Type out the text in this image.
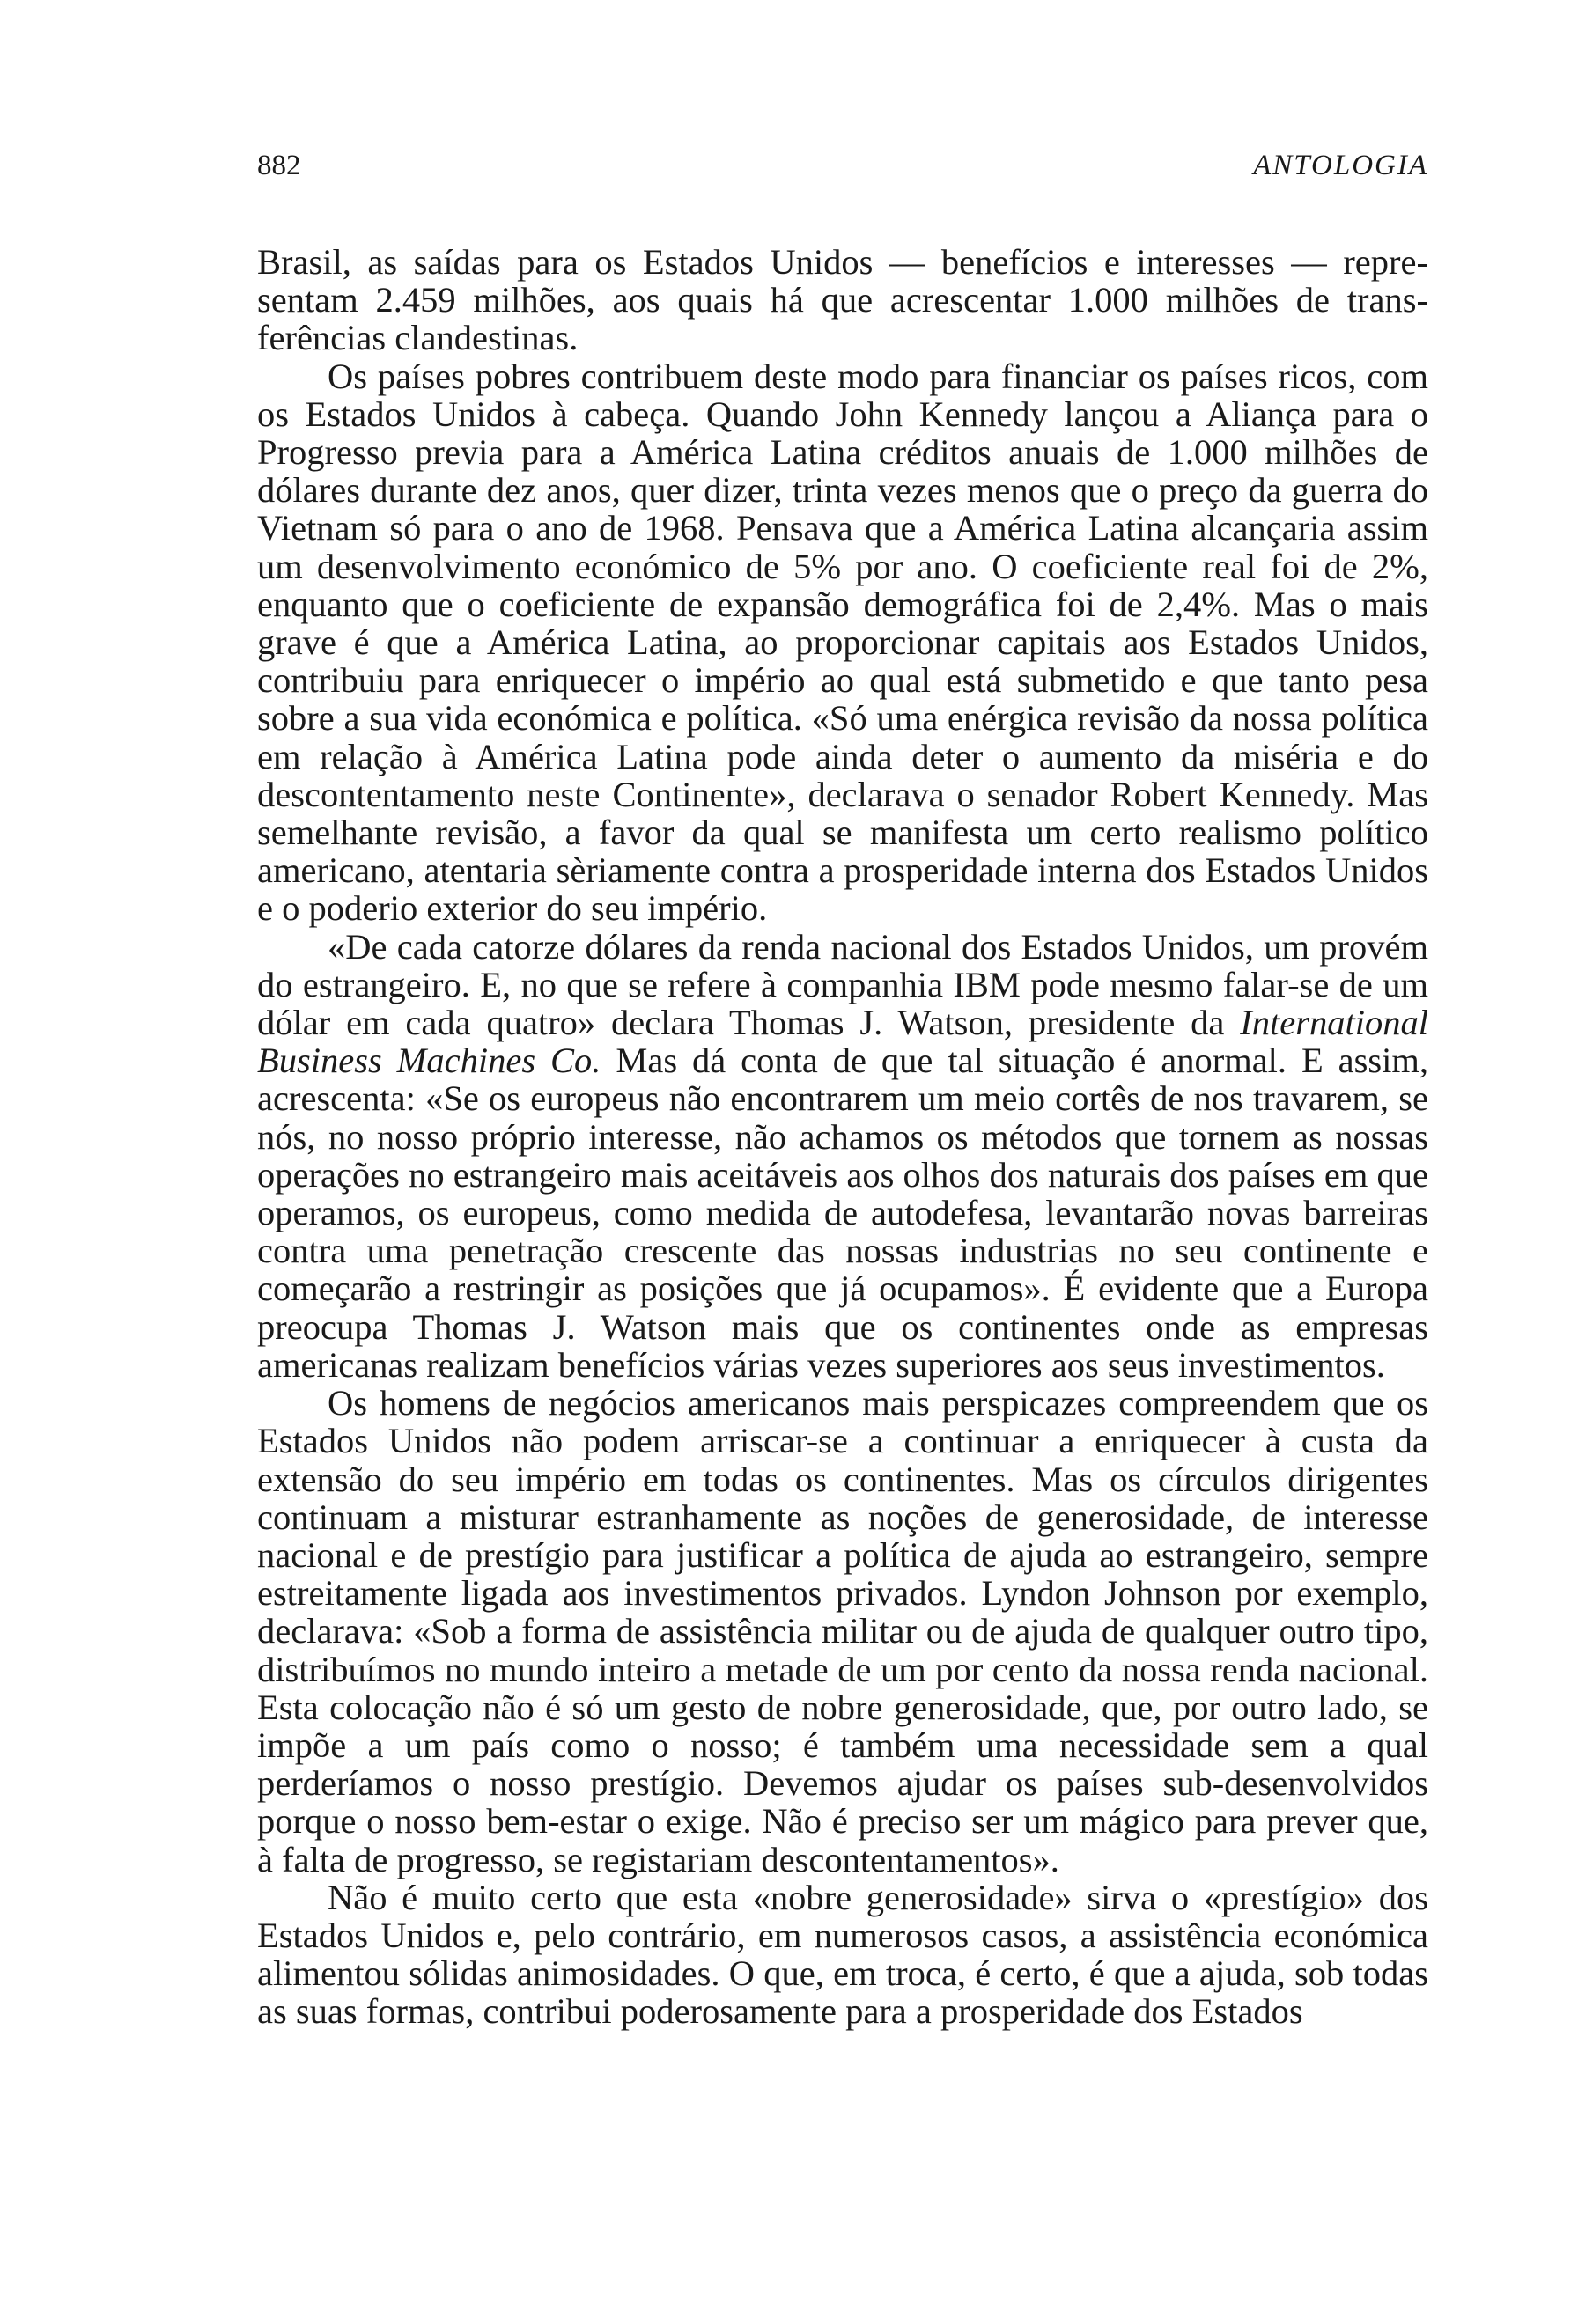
882	ANTOLOGIA

Brasil, as saídas para os Estados Unidos — benefícios e interesses — representam 2.459 milhões, aos quais há que acrescentar 1.000 milhões de transferências clandestinas.

Os países pobres contribuem deste modo para financiar os países ricos, com os Estados Unidos à cabeça. Quando John Kennedy lançou a Aliança para o Progresso previa para a América Latina créditos anuais de 1.000 milhões de dólares durante dez anos, quer dizer, trinta vezes menos que o preço da guerra do Vietnam só para o ano de 1968. Pensava que a América Latina alcançaria assim um desenvolvimento económico de 5% por ano. O coeficiente real foi de 2%, enquanto que o coeficiente de expansão demográfica foi de 2,4%. Mas o mais grave é que a América Latina, ao proporcionar capitais aos Estados Unidos, contribuiu para enriquecer o império ao qual está submetido e que tanto pesa sobre a sua vida económica e política. «Só uma enérgica revisão da nossa política em relação à América Latina pode ainda deter o aumento da miséria e do descontentamento neste Continente», declarava o senador Robert Kennedy. Mas semelhante revisão, a favor da qual se manifesta um certo realismo político americano, atentaria sèriamente contra a prosperidade interna dos Estados Unidos e o poderio exterior do seu império.

«De cada catorze dólares da renda nacional dos Estados Unidos, um provém do estrangeiro. E, no que se refere à companhia IBM pode mesmo falar-se de um dólar em cada quatro» declara Thomas J. Watson, presidente da International Business Machines Co. Mas dá conta de que tal situação é anormal. E assim, acrescenta: «Se os europeus não encontrarem um meio cortês de nos travarem, se nós, no nosso próprio interesse, não achamos os métodos que tornem as nossas operações no estrangeiro mais aceitáveis aos olhos dos naturais dos países em que operamos, os europeus, como medida de autodefesa, levantarão novas barreiras contra uma penetração crescente das nossas industrias no seu continente e começarão a restringir as posições que já ocupamos». É evidente que a Europa preocupa Thomas J. Watson mais que os continentes onde as empresas americanas realizam benefícios várias vezes superiores aos seus investimentos.

Os homens de negócios americanos mais perspicazes compreendem que os Estados Unidos não podem arriscar-se a continuar a enriquecer à custa da extensão do seu império em todas os continentes. Mas os círculos dirigentes continuam a misturar estranhamente as noções de generosidade, de interesse nacional e de prestígio para justificar a política de ajuda ao estrangeiro, sempre estreitamente ligada aos investimentos privados. Lyndon Johnson por exemplo, declarava: «Sob a forma de assistência militar ou de ajuda de qualquer outro tipo, distribuímos no mundo inteiro a metade de um por cento da nossa renda nacional. Esta colocação não é só um gesto de nobre generosidade, que, por outro lado, se impõe a um país como o nosso; é também uma necessidade sem a qual perderíamos o nosso prestígio. Devemos ajudar os países sub-desenvolvidos porque o nosso bem-estar o exige. Não é preciso ser um mágico para prever que, à falta de progresso, se registariam descontentamentos».

Não é muito certo que esta «nobre generosidade» sirva o «prestígio» dos Estados Unidos e, pelo contrário, em numerosos casos, a assistência económica alimentou sólidas animosidades. O que, em troca, é certo, é que a ajuda, sob todas as suas formas, contribui poderosamente para a prosperidade dos Estados
